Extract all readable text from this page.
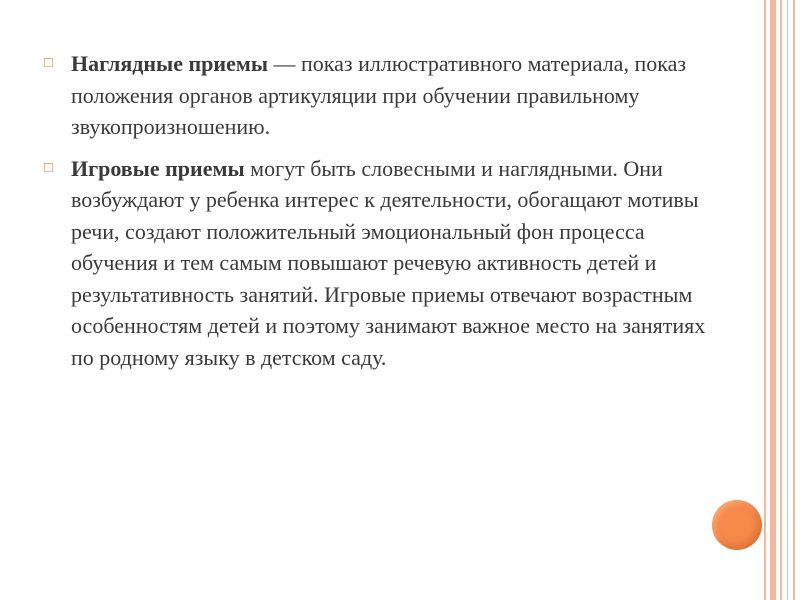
□ Наглядные приемы — показ иллюстративного материала, показ положения органов артикуляции при обучении правильному звукопроизношению.
□ Игровые приемы могут быть словесными и наглядными. Они возбуждают у ребенка интерес к деятельности, обогащают мотивы речи, создают положительный эмоциональный фон процесса обучения и тем самым повышают речевую активность детей и результативность занятий. Игровые приемы отвечают возрастным особенностям детей и поэтому занимают важное место на занятиях по родному языку в детском саду.
